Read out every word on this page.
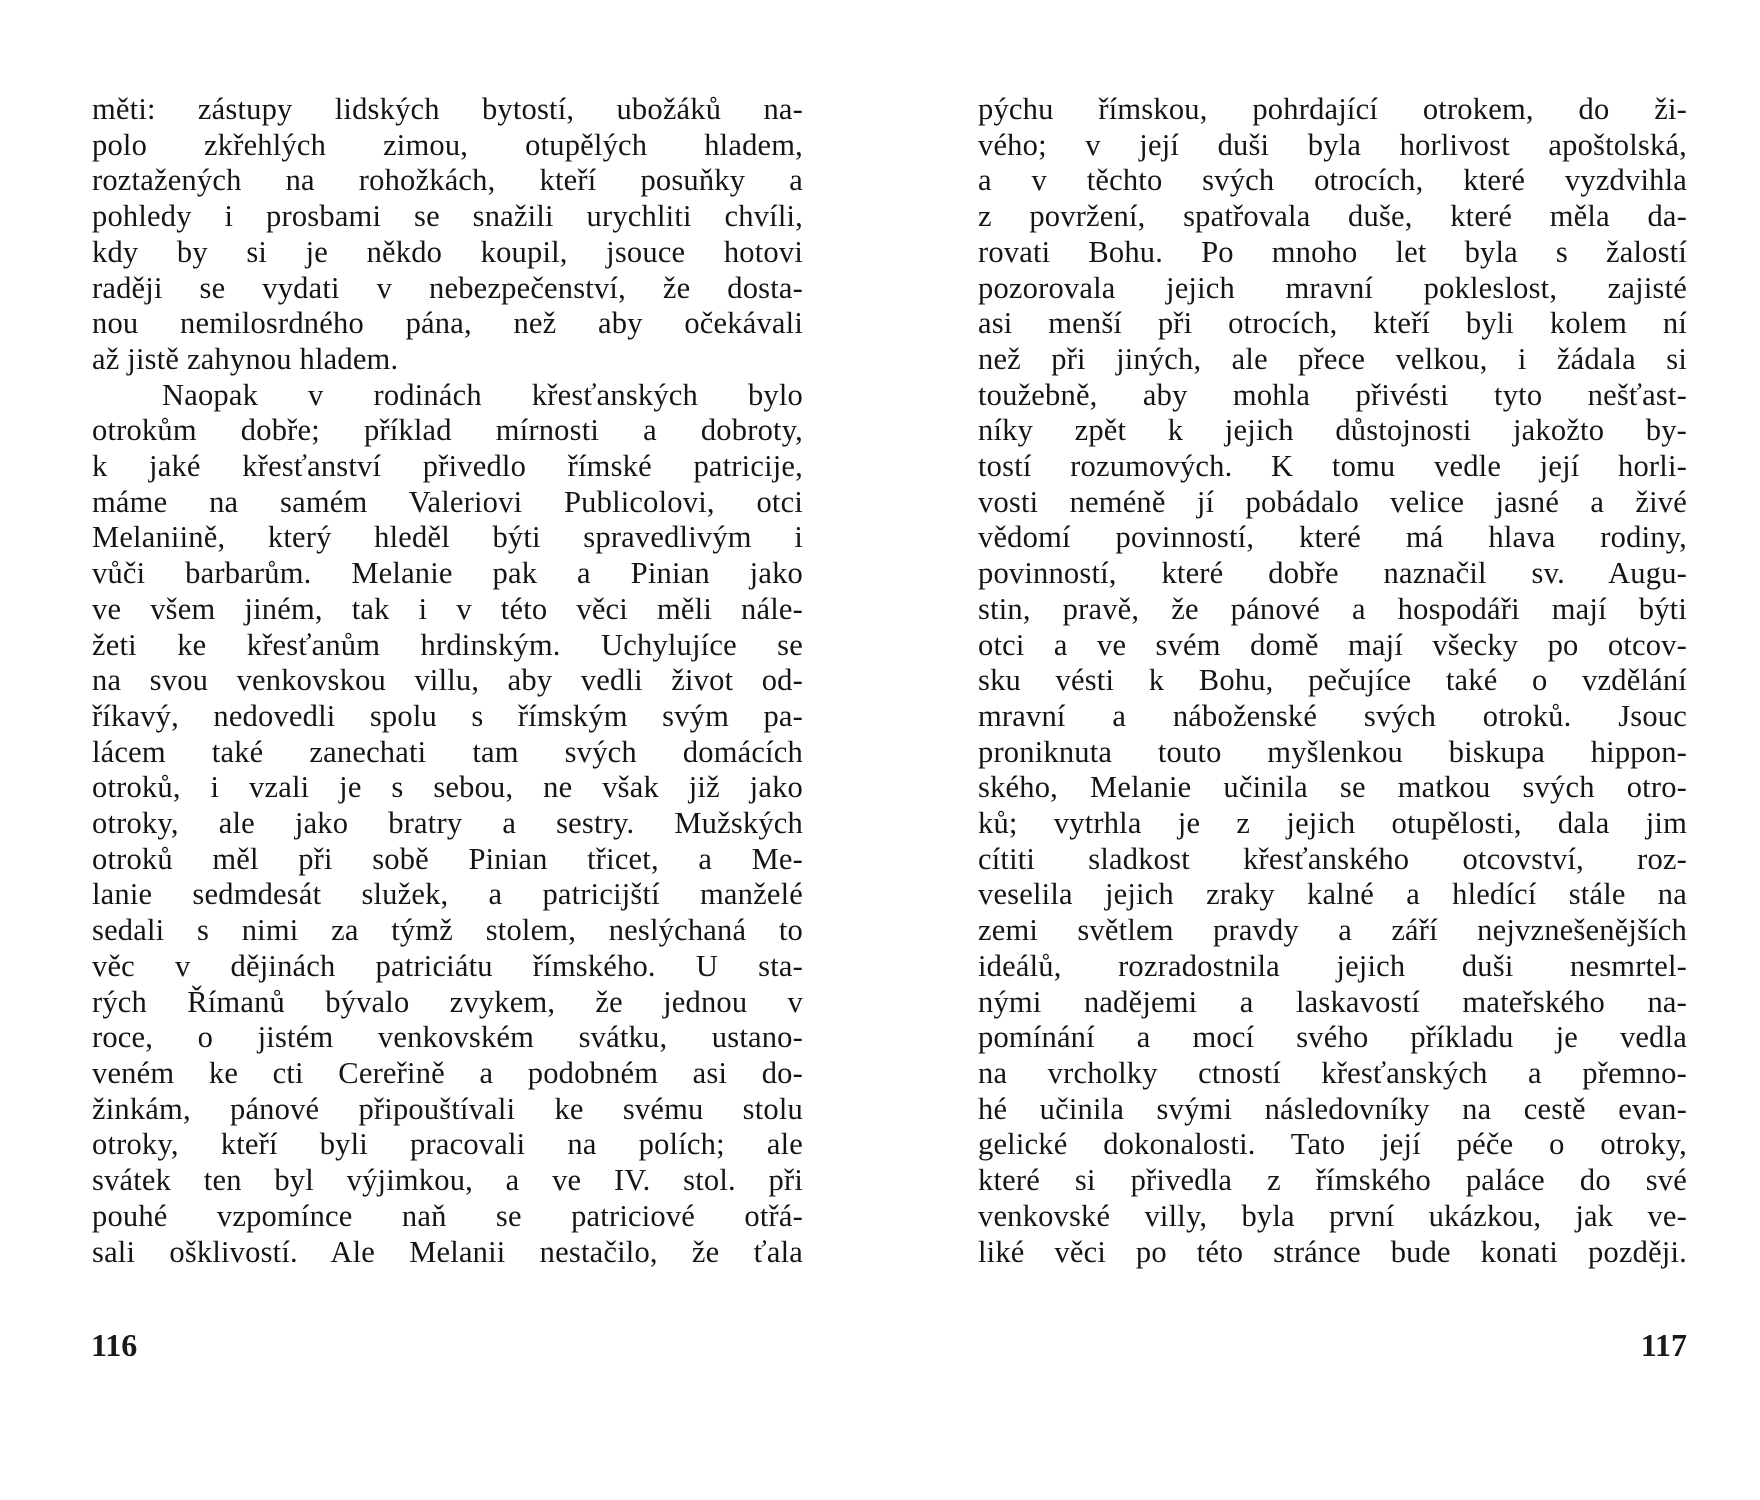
měti: zástupy lidských bytostí, ubožáků na-
polo zkřehlých zimou, otupělých hladem,
roztažených na rohožkách, kteří posuňky a
pohledy i prosbami se snažili urychliti chvíli,
kdy by si je někdo koupil, jsouce hotovi
raději se vydati v nebezpečenství, že dosta-
nou nemilosrdného pána, než aby očekávali
až jistě zahynou hladem.
Naopak v rodinách křesťanských bylo
otrokům dobře; příklad mírnosti a dobroty,
k jaké křesťanství přivedlo římské patricije,
máme na samém Valeriovi Publicolovi, otci
Melaniině, který hleděl býti spravedlivým i
vůči barbarům. Melanie pak a Pinian jako
ve všem jiném, tak i v této věci měli nále-
žeti ke křesťanům hrdinským. Uchylujíce se
na svou venkovskou villu, aby vedli život od-
říkavý, nedovedli spolu s římským svým pa-
lácem také zanechati tam svých domácích
otroků, i vzali je s sebou, ne však již jako
otroky, ale jako bratry a sestry. Mužských
otroků měl při sobě Pinian třicet, a Me-
lanie sedmdesát služek, a patricijští manželé
sedali s nimi za týmž stolem, neslýchaná to
věc v dějinách patriciátu římského. U sta-
rých Římanů bývalo zvykem, že jednou v
roce, o jistém venkovském svátku, ustano-
veném ke cti Cereřině a podobném asi do-
žinkám, pánové připouštívali ke svému stolu
otroky, kteří byli pracovali na polích; ale
svátek ten byl výjimkou, a ve IV. stol. při
pouhé vzpomínce naň se patriciové otřá-
sali ošklivostí. Ale Melanii nestačilo, že ťala
116
pýchu římskou, pohrdající otrokem, do ži-
vého; v její duši byla horlivost apoštolská,
a v těchto svých otrocích, které vyzdvihla
z povržení, spatřovala duše, které měla da-
rovati Bohu. Po mnoho let byla s žalostí
pozorovala jejich mravní pokleslost, zajisté
asi menší při otrocích, kteří byli kolem ní
než při jiných, ale přece velkou, i žádala si
toužebně, aby mohla přivésti tyto nešťast-
níky zpět k jejich důstojnosti jakožto by-
tostí rozumových. K tomu vedle její horli-
vosti neméně jí pobádalo velice jasné a živé
vědomí povinností, které má hlava rodiny,
povinností, které dobře naznačil sv. Augu-
stin, pravě, že pánové a hospodáři mají býti
otci a ve svém domě mají všecky po otcov-
sku vésti k Bohu, pečujíce také o vzdělání
mravní a náboženské svých otroků. Jsouc
proniknuta touto myšlenkou biskupa hippon-
ského, Melanie učinila se matkou svých otro-
ků; vytrhla je z jejich otupělosti, dala jim
cítiti sladkost křesťanského otcovství, roz-
veselila jejich zraky kalné a hledící stále na
zemi světlem pravdy a září nejvznešenějších
ideálů, rozradostnila jejich duši nesmrtel-
nými nadějemi a laskavostí mateřského na-
pomínání a mocí svého příkladu je vedla
na vrcholky ctností křesťanských a přemno-
hé učinila svými následovníky na cestě evan-
gelické dokonalosti. Tato její péče o otroky,
které si přivedla z římského paláce do své
venkovské villy, byla první ukázkou, jak ve-
liké věci po této stránce bude konati později.
117
